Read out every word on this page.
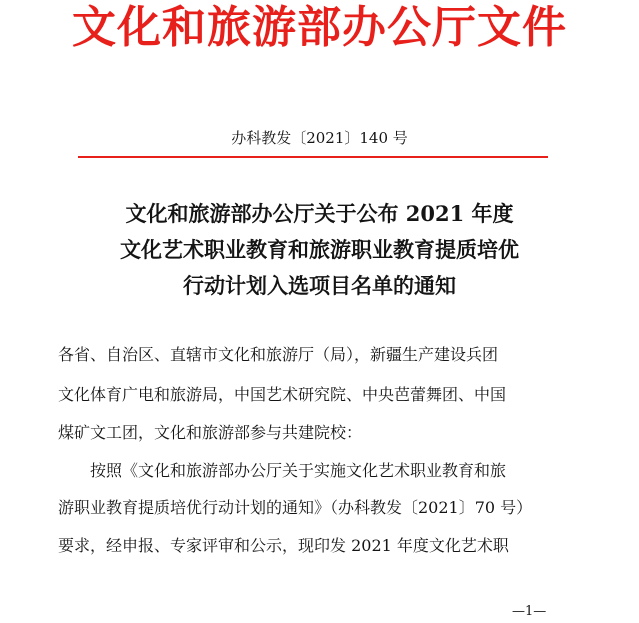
文化和旅游部办公厅文件
办科教发〔2021〕140 号
文化和旅游部办公厅关于公布 2021 年度
文化艺术职业教育和旅游职业教育提质培优
行动计划入选项目名单的通知
各省、自治区、直辖市文化和旅游厅（局），新疆生产建设兵团
文化体育广电和旅游局，中国艺术研究院、中央芭蕾舞团、中国
煤矿文工团，文化和旅游部参与共建院校：
按照《文化和旅游部办公厅关于实施文化艺术职业教育和旅
游职业教育提质培优行动计划的通知》（办科教发〔2021〕70 号）
要求，经申报、专家评审和公示，现印发 2021 年度文化艺术职
—1—
